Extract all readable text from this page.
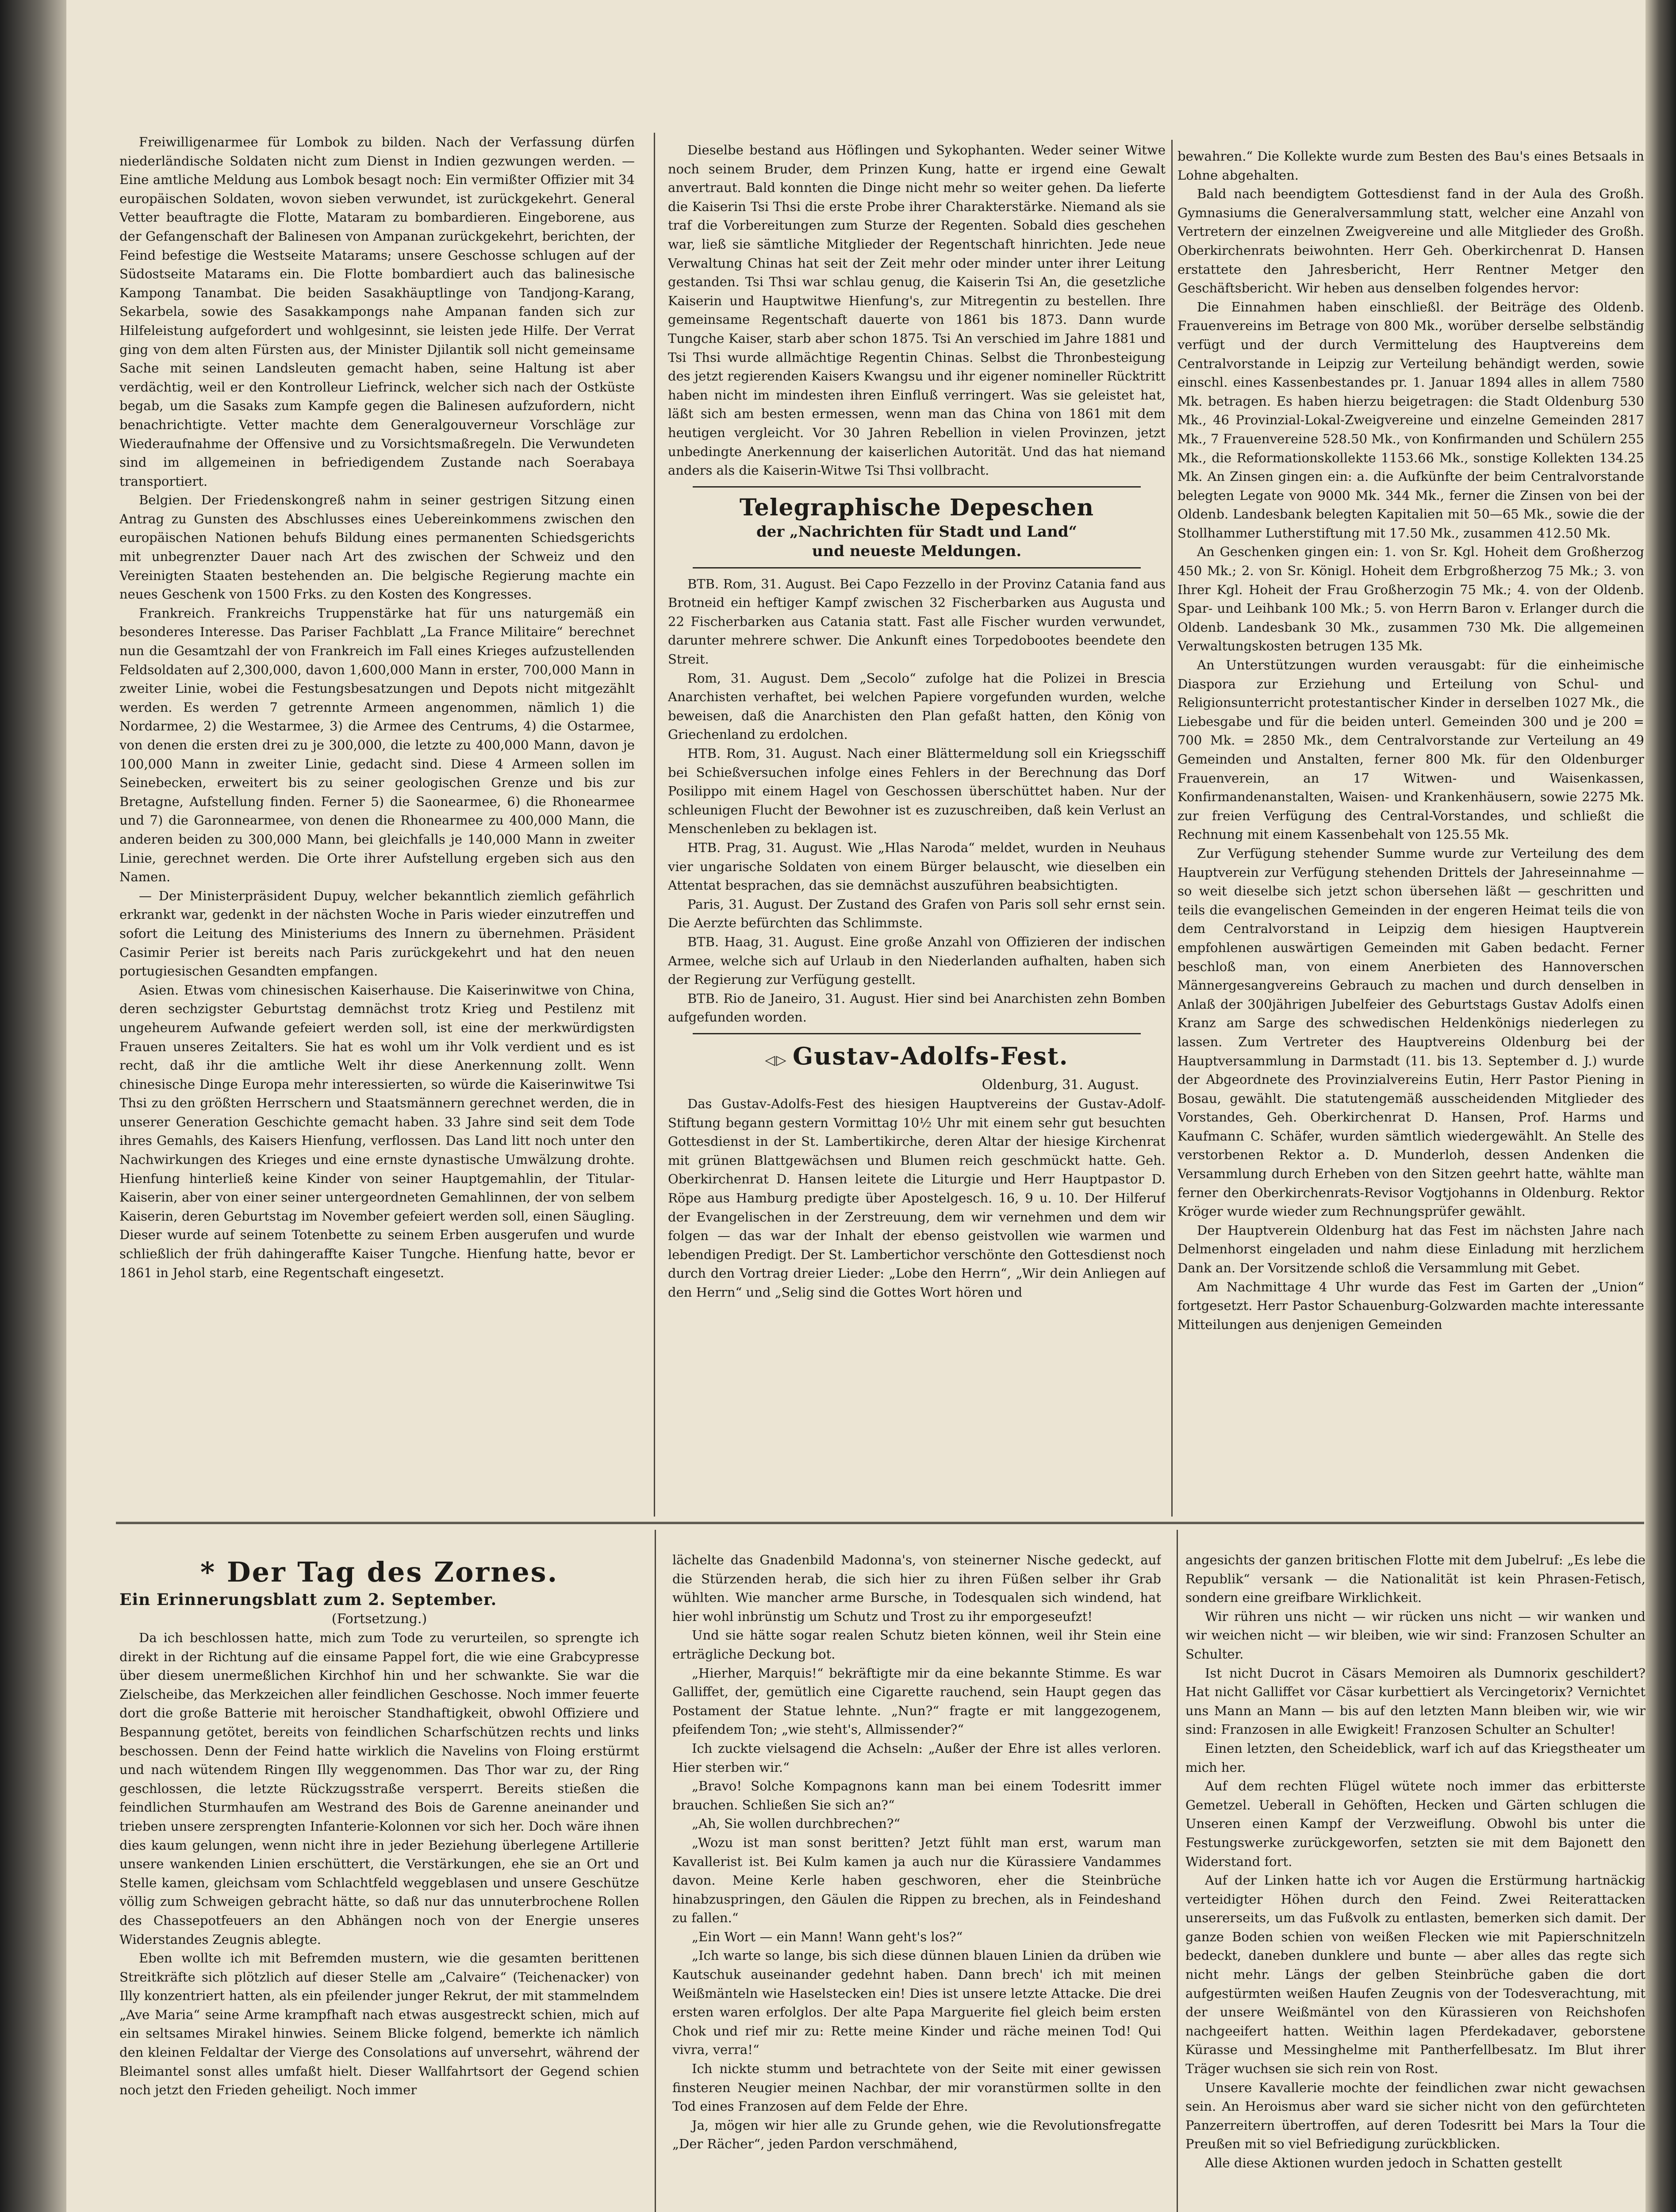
Freiwilligenarmee für Lombok zu bilden. Nach der Verfassung dürfen niederländische Soldaten nicht zum Dienst in Indien gezwungen werden. — Eine amtliche Meldung aus Lombok besagt noch: Ein vermißter Offizier mit 34 europäischen Soldaten, wovon sieben verwundet, ist zurückgekehrt. General Vetter beauftragte die Flotte, Mataram zu bombardieren. Eingeborene, aus der Gefangenschaft der Balinesen von Ampanan zurückgekehrt, berichten, der Feind befestige die Westseite Matarams; unsere Geschosse schlugen auf der Südostseite Matarams ein. Die Flotte bombardiert auch das balinesische Kampong Tanambat. Die beiden Sasakhäuptlinge von Tandjong-Karang, Sekarbela, sowie des Sasakkampongs nahe Ampanan fanden sich zur Hilfeleistung aufgefordert und wohlgesinnt, sie leisten jede Hilfe. Der Verrat ging von dem alten Fürsten aus, der Minister Djilantik soll nicht gemeinsame Sache mit seinen Landsleuten gemacht haben, seine Haltung ist aber verdächtig, weil er den Kontrolleur Liefrinck, welcher sich nach der Ostküste begab, um die Sasaks zum Kampfe gegen die Balinesen aufzufordern, nicht benachrichtigte. Vetter machte dem Generalgouverneur Vorschläge zur Wiederaufnahme der Offensive und zu Vorsichtsmaßregeln. Die Verwundeten sind im allgemeinen in befriedigendem Zustande nach Soerabaya transportiert.

Belgien. Der Friedenskongreß nahm in seiner gestrigen Sitzung einen Antrag zu Gunsten des Abschlusses eines Uebereinkommens zwischen den europäischen Nationen behufs Bildung eines permanenten Schiedsgerichts mit unbegrenzter Dauer nach Art des zwischen der Schweiz und den Vereinigten Staaten bestehenden an. Die belgische Regierung machte ein neues Geschenk von 1500 Frks. zu den Kosten des Kongresses.

Frankreich. Frankreichs Truppenstärke hat für uns naturgemäß ein besonderes Interesse. Das Pariser Fachblatt „La France Militaire“ berechnet nun die Gesamtzahl der von Frankreich im Fall eines Krieges aufzustellenden Feldsoldaten auf 2,300,000, davon 1,600,000 Mann in erster, 700,000 Mann in zweiter Linie, wobei die Festungsbesatzungen und Depots nicht mitgezählt werden. Es werden 7 getrennte Armeen angenommen, nämlich 1) die Nordarmee, 2) die Westarmee, 3) die Armee des Centrums, 4) die Ostarmee, von denen die ersten drei zu je 300,000, die letzte zu 400,000 Mann, davon je 100,000 Mann in zweiter Linie, gedacht sind. Diese 4 Armeen sollen im Seinebecken, erweitert bis zu seiner geologischen Grenze und bis zur Bretagne, Aufstellung finden. Ferner 5) die Saonearmee, 6) die Rhonearmee und 7) die Garonnearmee, von denen die Rhonearmee zu 400,000 Mann, die anderen beiden zu 300,000 Mann, bei gleichfalls je 140,000 Mann in zweiter Linie, gerechnet werden. Die Orte ihrer Aufstellung ergeben sich aus den Namen.

— Der Ministerpräsident Dupuy, welcher bekanntlich ziemlich gefährlich erkrankt war, gedenkt in der nächsten Woche in Paris wieder einzutreffen und sofort die Leitung des Ministeriums des Innern zu übernehmen. Präsident Casimir Perier ist bereits nach Paris zurückgekehrt und hat den neuen portugiesischen Gesandten empfangen.

Asien. Etwas vom chinesischen Kaiserhause. Die Kaiserinwitwe von China, deren sechzigster Geburtstag demnächst trotz Krieg und Pestilenz mit ungeheurem Aufwande gefeiert werden soll, ist eine der merkwürdigsten Frauen unseres Zeitalters. Sie hat es wohl um ihr Volk verdient und es ist recht, daß ihr die amtliche Welt ihr diese Anerkennung zollt. Wenn chinesische Dinge Europa mehr interessierten, so würde die Kaiserinwitwe Tsi Thsi zu den größten Herrschern und Staatsmännern gerechnet werden, die in unserer Generation Geschichte gemacht haben. 33 Jahre sind seit dem Tode ihres Gemahls, des Kaisers Hienfung, verflossen. Das Land litt noch unter den Nachwirkungen des Krieges und eine ernste dynastische Umwälzung drohte. Hienfung hinterließ keine Kinder von seiner Hauptgemahlin, der Titular-Kaiserin, aber von einer seiner untergeordneten Gemahlinnen, der von selbem Kaiserin, deren Geburtstag im November gefeiert werden soll, einen Säugling. Dieser wurde auf seinem Totenbette zu seinem Erben ausgerufen und wurde schließlich der früh dahingeraffte Kaiser Tungche. Hienfung hatte, bevor er 1861 in Jehol starb, eine Regentschaft eingesetzt.

Dieselbe bestand aus Höflingen und Sykophanten. Weder seiner Witwe noch seinem Bruder, dem Prinzen Kung, hatte er irgend eine Gewalt anvertraut. Bald konnten die Dinge nicht mehr so weiter gehen. Da lieferte die Kaiserin Tsi Thsi die erste Probe ihrer Charakterstärke. Niemand als sie traf die Vorbereitungen zum Sturze der Regenten. Sobald dies geschehen war, ließ sie sämtliche Mitglieder der Regentschaft hinrichten. Jede neue Verwaltung Chinas hat seit der Zeit mehr oder minder unter ihrer Leitung gestanden. Tsi Thsi war schlau genug, die Kaiserin Tsi An, die gesetzliche Kaiserin und Hauptwitwe Hienfung's, zur Mitregentin zu bestellen. Ihre gemeinsame Regentschaft dauerte von 1861 bis 1873. Dann wurde Tungche Kaiser, starb aber schon 1875. Tsi An verschied im Jahre 1881 und Tsi Thsi wurde allmächtige Regentin Chinas. Selbst die Thronbesteigung des jetzt regierenden Kaisers Kwangsu und ihr eigener nomineller Rücktritt haben nicht im mindesten ihren Einfluß verringert. Was sie geleistet hat, läßt sich am besten ermessen, wenn man das China von 1861 mit dem heutigen vergleicht. Vor 30 Jahren Rebellion in vielen Provinzen, jetzt unbedingte Anerkennung der kaiserlichen Autorität. Und das hat niemand anders als die Kaiserin-Witwe Tsi Thsi vollbracht.

Telegraphische Depeschen
der „Nachrichten für Stadt und Land“
und neueste Meldungen.

BTB. Rom, 31. August. Bei Capo Fezzello in der Provinz Catania fand aus Brotneid ein heftiger Kampf zwischen 32 Fischerbarken aus Augusta und 22 Fischerbarken aus Catania statt. Fast alle Fischer wurden verwundet, darunter mehrere schwer. Die Ankunft eines Torpedobootes beendete den Streit.

Rom, 31. August. Dem „Secolo“ zufolge hat die Polizei in Brescia Anarchisten verhaftet, bei welchen Papiere vorgefunden wurden, welche beweisen, daß die Anarchisten den Plan gefaßt hatten, den König von Griechenland zu erdolchen.

HTB. Rom, 31. August. Nach einer Blättermeldung soll ein Kriegsschiff bei Schießversuchen infolge eines Fehlers in der Berechnung das Dorf Posilippo mit einem Hagel von Geschossen überschüttet haben. Nur der schleunigen Flucht der Bewohner ist es zuzuschreiben, daß kein Verlust an Menschenleben zu beklagen ist.

HTB. Prag, 31. August. Wie „Hlas Naroda“ meldet, wurden in Neuhaus vier ungarische Soldaten von einem Bürger belauscht, wie dieselben ein Attentat besprachen, das sie demnächst auszuführen beabsichtigten.

Paris, 31. August. Der Zustand des Grafen von Paris soll sehr ernst sein. Die Aerzte befürchten das Schlimmste.

BTB. Haag, 31. August. Eine große Anzahl von Offizieren der indischen Armee, welche sich auf Urlaub in den Niederlanden aufhalten, haben sich der Regierung zur Verfügung gestellt.

BTB. Rio de Janeiro, 31. August. Hier sind bei Anarchisten zehn Bomben aufgefunden worden.

◁▷ Gustav-Adolfs-Fest.
Oldenburg, 31. August.

Das Gustav-Adolfs-Fest des hiesigen Hauptvereins der Gustav-Adolf-Stiftung begann gestern Vormittag 10½ Uhr mit einem sehr gut besuchten Gottesdienst in der St. Lambertikirche, deren Altar der hiesige Kirchenrat mit grünen Blattgewächsen und Blumen reich geschmückt hatte. Geh. Oberkirchenrat D. Hansen leitete die Liturgie und Herr Hauptpastor D. Röpe aus Hamburg predigte über Apostelgesch. 16, 9 u. 10. Der Hilferuf der Evangelischen in der Zerstreuung, dem wir vernehmen und dem wir folgen — das war der Inhalt der ebenso geistvollen wie warmen und lebendigen Predigt. Der St. Lambertichor verschönte den Gottesdienst noch durch den Vortrag dreier Lieder: „Lobe den Herrn“, „Wir dein Anliegen auf den Herrn“ und „Selig sind die Gottes Wort hören und

bewahren.“ Die Kollekte wurde zum Besten des Bau's eines Betsaals in Lohne abgehalten.

Bald nach beendigtem Gottesdienst fand in der Aula des Großh. Gymnasiums die Generalversammlung statt, welcher eine Anzahl von Vertretern der einzelnen Zweigvereine und alle Mitglieder des Großh. Oberkirchenrats beiwohnten. Herr Geh. Oberkirchenrat D. Hansen erstattete den Jahresbericht, Herr Rentner Metger den Geschäftsbericht. Wir heben aus denselben folgendes hervor:

Die Einnahmen haben einschließl. der Beiträge des Oldenb. Frauenvereins im Betrage von 800 Mk., worüber derselbe selbständig verfügt und der durch Vermittelung des Hauptvereins dem Centralvorstande in Leipzig zur Verteilung behändigt werden, sowie einschl. eines Kassenbestandes pr. 1. Januar 1894 alles in allem 7580 Mk. betragen. Es haben hierzu beigetragen: die Stadt Oldenburg 530 Mk., 46 Provinzial-Lokal-Zweigvereine und einzelne Gemeinden 2817 Mk., 7 Frauenvereine 528.50 Mk., von Konfirmanden und Schülern 255 Mk., die Reformationskollekte 1153.66 Mk., sonstige Kollekten 134.25 Mk. An Zinsen gingen ein: a. die Aufkünfte der beim Centralvorstande belegten Legate von 9000 Mk. 344 Mk., ferner die Zinsen von bei der Oldenb. Landesbank belegten Kapitalien mit 50—65 Mk., sowie die der Stollhammer Lutherstiftung mit 17.50 Mk., zusammen 412.50 Mk.

An Geschenken gingen ein: 1. von Sr. Kgl. Hoheit dem Großherzog 450 Mk.; 2. von Sr. Königl. Hoheit dem Erbgroßherzog 75 Mk.; 3. von Ihrer Kgl. Hoheit der Frau Großherzogin 75 Mk.; 4. von der Oldenb. Spar- und Leihbank 100 Mk.; 5. von Herrn Baron v. Erlanger durch die Oldenb. Landesbank 30 Mk., zusammen 730 Mk. Die allgemeinen Verwaltungskosten betrugen 135 Mk.

An Unterstützungen wurden verausgabt: für die einheimische Diaspora zur Erziehung und Erteilung von Schul- und Religionsunterricht protestantischer Kinder in derselben 1027 Mk., die Liebesgabe und für die beiden unterl. Gemeinden 300 und je 200 = 700 Mk. = 2850 Mk., dem Centralvorstande zur Verteilung an 49 Gemeinden und Anstalten, ferner 800 Mk. für den Oldenburger Frauenverein, an 17 Witwen- und Waisenkassen, Konfirmandenanstalten, Waisen- und Krankenhäusern, sowie 2275 Mk. zur freien Verfügung des Central-Vorstandes, und schließt die Rechnung mit einem Kassenbehalt von 125.55 Mk.

Zur Verfügung stehender Summe wurde zur Verteilung des dem Hauptverein zur Verfügung stehenden Drittels der Jahreseinnahme — so weit dieselbe sich jetzt schon übersehen läßt — geschritten und teils die evangelischen Gemeinden in der engeren Heimat teils die von dem Centralvorstand in Leipzig dem hiesigen Hauptverein empfohlenen auswärtigen Gemeinden mit Gaben bedacht. Ferner beschloß man, von einem Anerbieten des Hannoverschen Männergesangvereins Gebrauch zu machen und durch denselben in Anlaß der 300jährigen Jubelfeier des Geburtstags Gustav Adolfs einen Kranz am Sarge des schwedischen Heldenkönigs niederlegen zu lassen. Zum Vertreter des Hauptvereins Oldenburg bei der Hauptversammlung in Darmstadt (11. bis 13. September d. J.) wurde der Abgeordnete des Provinzialvereins Eutin, Herr Pastor Piening in Bosau, gewählt. Die statutengemäß ausscheidenden Mitglieder des Vorstandes, Geh. Oberkirchenrat D. Hansen, Prof. Harms und Kaufmann C. Schäfer, wurden sämtlich wiedergewählt. An Stelle des verstorbenen Rektor a. D. Munderloh, dessen Andenken die Versammlung durch Erheben von den Sitzen geehrt hatte, wählte man ferner den Oberkirchenrats-Revisor Vogtjohanns in Oldenburg. Rektor Kröger wurde wieder zum Rechnungsprüfer gewählt.

Der Hauptverein Oldenburg hat das Fest im nächsten Jahre nach Delmenhorst eingeladen und nahm diese Einladung mit herzlichem Dank an. Der Vorsitzende schloß die Versammlung mit Gebet.

Am Nachmittage 4 Uhr wurde das Fest im Garten der „Union“ fortgesetzt. Herr Pastor Schauenburg-Golzwarden machte interessante Mitteilungen aus denjenigen Gemeinden

* Der Tag des Zornes.
Ein Erinnerungsblatt zum 2. September.
(Fortsetzung.)

Da ich beschlossen hatte, mich zum Tode zu verurteilen, so sprengte ich direkt in der Richtung auf die einsame Pappel fort, die wie eine Grabcypresse über diesem unermeßlichen Kirchhof hin und her schwankte. Sie war die Zielscheibe, das Merkzeichen aller feindlichen Geschosse. Noch immer feuerte dort die große Batterie mit heroischer Standhaftigkeit, obwohl Offiziere und Bespannung getötet, bereits von feindlichen Scharfschützen rechts und links beschossen. Denn der Feind hatte wirklich die Navelins von Floing erstürmt und nach wütendem Ringen Illy weggenommen. Das Thor war zu, der Ring geschlossen, die letzte Rückzugsstraße versperrt. Bereits stießen die feindlichen Sturmhaufen am Westrand des Bois de Garenne aneinander und trieben unsere zersprengten Infanterie-Kolonnen vor sich her. Doch wäre ihnen dies kaum gelungen, wenn nicht ihre in jeder Beziehung überlegene Artillerie unsere wankenden Linien erschüttert, die Verstärkungen, ehe sie an Ort und Stelle kamen, gleichsam vom Schlachtfeld weggeblasen und unsere Geschütze völlig zum Schweigen gebracht hätte, so daß nur das unnuterbrochene Rollen des Chassepotfeuers an den Abhängen noch von der Energie unseres Widerstandes Zeugnis ablegte.

Eben wollte ich mit Befremden mustern, wie die gesamten berittenen Streitkräfte sich plötzlich auf dieser Stelle am „Calvaire“ (Teichenacker) von Illy konzentriert hatten, als ein pfeilender junger Rekrut, der mit stammelndem „Ave Maria“ seine Arme krampfhaft nach etwas ausgestreckt schien, mich auf ein seltsames Mirakel hinwies. Seinem Blicke folgend, bemerkte ich nämlich den kleinen Feldaltar der Vierge des Consolations auf unversehrt, während der Bleimantel sonst alles umfaßt hielt. Dieser Wallfahrtsort der Gegend schien noch jetzt den Frieden geheiligt. Noch immer

lächelte das Gnadenbild Madonna's, von steinerner Nische gedeckt, auf die Stürzenden herab, die sich hier zu ihren Füßen selber ihr Grab wühlten. Wie mancher arme Bursche, in Todesqualen sich windend, hat hier wohl inbrünstig um Schutz und Trost zu ihr emporgeseufzt!

Und sie hätte sogar realen Schutz bieten können, weil ihr Stein eine erträgliche Deckung bot.

„Hierher, Marquis!“ bekräftigte mir da eine bekannte Stimme. Es war Galliffet, der, gemütlich eine Cigarette rauchend, sein Haupt gegen das Postament der Statue lehnte. „Nun?“ fragte er mit langgezogenem, pfeifendem Ton; „wie steht's, Allmissender?“

Ich zuckte vielsagend die Achseln: „Außer der Ehre ist alles verloren. Hier sterben wir.“

„Bravo! Solche Kompagnons kann man bei einem Todesritt immer brauchen. Schließen Sie sich an?“

„Ah, Sie wollen durchbrechen?“

„Wozu ist man sonst beritten? Jetzt fühlt man erst, warum man Kavallerist ist. Bei Kulm kamen ja auch nur die Kürassiere Vandammes davon. Meine Kerle haben geschworen, eher die Steinbrüche hinabzuspringen, den Gäulen die Rippen zu brechen, als in Feindeshand zu fallen.“

„Ein Wort — ein Mann! Wann geht's los?“

„Ich warte so lange, bis sich diese dünnen blauen Linien da drüben wie Kautschuk auseinander gedehnt haben. Dann brech' ich mit meinen Weißmänteln wie Haselstecken ein! Dies ist unsere letzte Attacke. Die drei ersten waren erfolglos. Der alte Papa Marguerite fiel gleich beim ersten Chok und rief mir zu: Rette meine Kinder und räche meinen Tod! Qui vivra, verra!“

Ich nickte stumm und betrachtete von der Seite mit einer gewissen finsteren Neugier meinen Nachbar, der mir voranstürmen sollte in den Tod eines Franzosen auf dem Felde der Ehre.

Ja, mögen wir hier alle zu Grunde gehen, wie die Revolutionsfregatte „Der Rächer“, jeden Pardon verschmähend,

angesichts der ganzen britischen Flotte mit dem Jubelruf: „Es lebe die Republik“ versank — die Nationalität ist kein Phrasen-Fetisch, sondern eine greifbare Wirklichkeit.

Wir rühren uns nicht — wir rücken uns nicht — wir wanken und wir weichen nicht — wir bleiben, wie wir sind: Franzosen Schulter an Schulter.

Ist nicht Ducrot in Cäsars Memoiren als Dumnorix geschildert? Hat nicht Galliffet vor Cäsar kurbettiert als Vercingetorix? Vernichtet uns Mann an Mann — bis auf den letzten Mann bleiben wir, wie wir sind: Franzosen in alle Ewigkeit! Franzosen Schulter an Schulter!

Einen letzten, den Scheideblick, warf ich auf das Kriegstheater um mich her.

Auf dem rechten Flügel wütete noch immer das erbitterste Gemetzel. Ueberall in Gehöften, Hecken und Gärten schlugen die Unseren einen Kampf der Verzweiflung. Obwohl bis unter die Festungswerke zurückgeworfen, setzten sie mit dem Bajonett den Widerstand fort.

Auf der Linken hatte ich vor Augen die Erstürmung hartnäckig verteidigter Höhen durch den Feind. Zwei Reiterattacken unsererseits, um das Fußvolk zu entlasten, bemerken sich damit. Der ganze Boden schien von weißen Flecken wie mit Papierschnitzeln bedeckt, daneben dunklere und bunte — aber alles das regte sich nicht mehr. Längs der gelben Steinbrüche gaben die dort aufgestürmten weißen Haufen Zeugnis von der Todesverachtung, mit der unsere Weißmäntel von den Kürassieren von Reichshofen nachgeeifert hatten. Weithin lagen Pferdekadaver, geborstene Kürasse und Messinghelme mit Pantherfellbesatz. Im Blut ihrer Träger wuchsen sie sich rein von Rost.

Unsere Kavallerie mochte der feindlichen zwar nicht gewachsen sein. An Heroismus aber ward sie sicher nicht von den gefürchteten Panzerreitern übertroffen, auf deren Todesritt bei Mars la Tour die Preußen mit so viel Befriedigung zurückblicken.

Alle diese Aktionen wurden jedoch in Schatten gestellt
